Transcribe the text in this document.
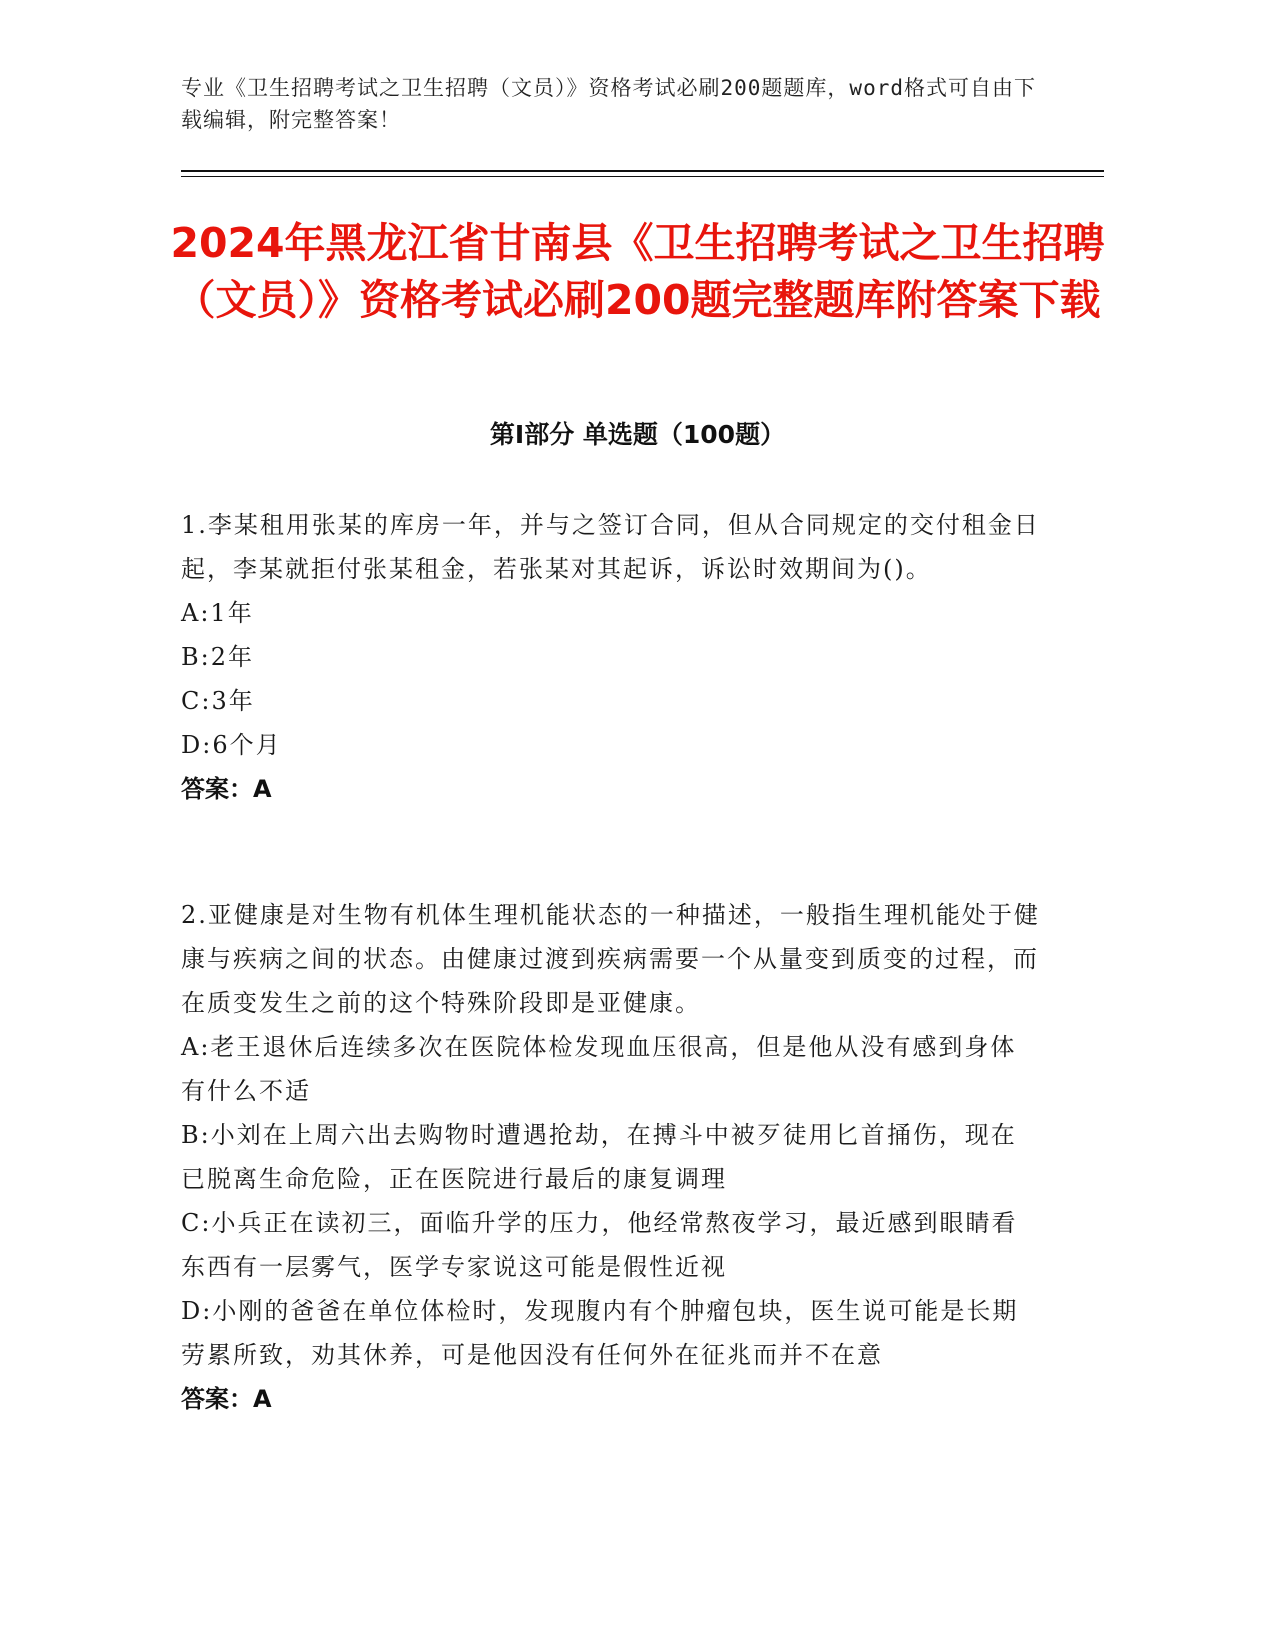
专业《卫生招聘考试之卫生招聘（文员）》资格考试必刷200题题库，word格式可自由下载编辑，附完整答案！
2024年黑龙江省甘南县《卫生招聘考试之卫生招聘（文员）》资格考试必刷200题完整题库附答案下载
第I部分 单选题（100题）
1.李某租用张某的库房一年，并与之签订合同，但从合同规定的交付租金日起，李某就拒付张某租金，若张某对其起诉，诉讼时效期间为()。
A:1年
B:2年
C:3年
D:6个月
答案：A
2.亚健康是对生物有机体生理机能状态的一种描述，一般指生理机能处于健康与疾病之间的状态。由健康过渡到疾病需要一个从量变到质变的过程，而在质变发生之前的这个特殊阶段即是亚健康。
A:老王退休后连续多次在医院体检发现血压很高，但是他从没有感到身体有什么不适
B:小刘在上周六出去购物时遭遇抢劫，在搏斗中被歹徒用匕首捅伤，现在已脱离生命危险，正在医院进行最后的康复调理
C:小兵正在读初三，面临升学的压力，他经常熬夜学习，最近感到眼睛看东西有一层雾气，医学专家说这可能是假性近视
D:小刚的爸爸在单位体检时，发现腹内有个肿瘤包块，医生说可能是长期劳累所致，劝其休养，可是他因没有任何外在征兆而并不在意
答案：A
